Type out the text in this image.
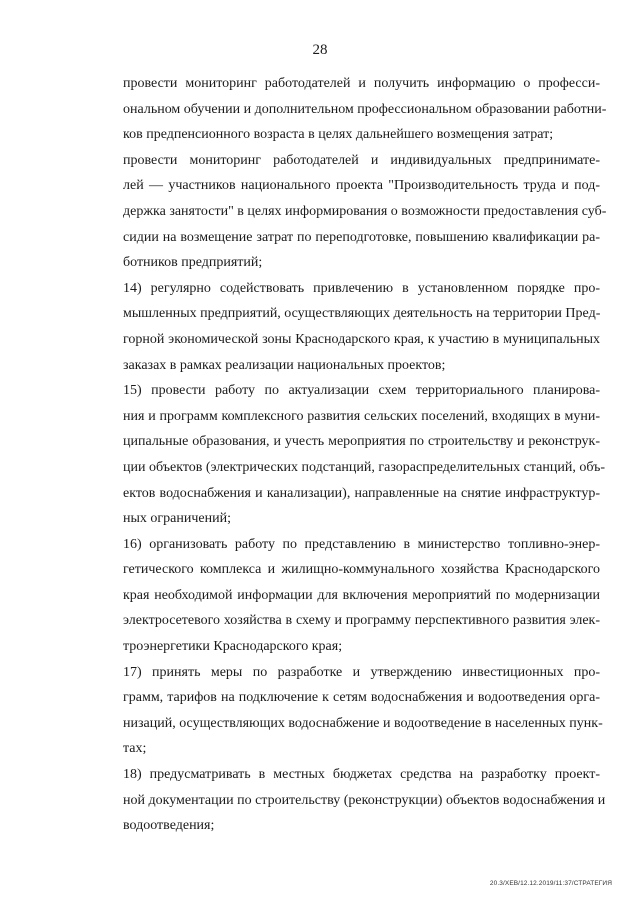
28

провести мониторинг работодателей и получить информацию о професси-
ональном обучении и дополнительном профессиональном образовании работни-
ков предпенсионного возраста в целях дальнейшего возмещения затрат;

провести мониторинг работодателей и индивидуальных предпринимате-
лей — участников национального проекта "Производительность труда и под-
держка занятости" в целях информирования о возможности предоставления суб-
сидии на возмещение затрат по переподготовке, повышению квалификации ра-
ботников предприятий;

14) регулярно содействовать привлечению в установленном порядке про-
мышленных предприятий, осуществляющих деятельность на территории Пред-
горной экономической зоны Краснодарского края, к участию в муниципальных
заказах в рамках реализации национальных проектов;

15) провести работу по актуализации схем территориального планирова-
ния и программ комплексного развития сельских поселений, входящих в муни-
ципальные образования, и учесть мероприятия по строительству и реконструк-
ции объектов (электрических подстанций, газораспределительных станций, объ-
ектов водоснабжения и канализации), направленные на снятие инфраструктур-
ных ограничений;

16) организовать работу по представлению в министерство топливно-энер-
гетического комплекса и жилищно-коммунального хозяйства Краснодарского
края необходимой информации для включения мероприятий по модернизации
электросетевого хозяйства в схему и программу перспективного развития элек-
троэнергетики Краснодарского края;

17) принять меры по разработке и утверждению инвестиционных про-
грамм, тарифов на подключение к сетям водоснабжения и водоотведения орга-
низаций, осуществляющих водоснабжение и водоотведение в населенных пунк-
тах;

18) предусматривать в местных бюджетах средства на разработку проект-
ной документации по строительству (реконструкции) объектов водоснабжения и
водоотведения;

20.3/ХЕВ/12.12.2019/11:37/СТРАТЕГИЯ
